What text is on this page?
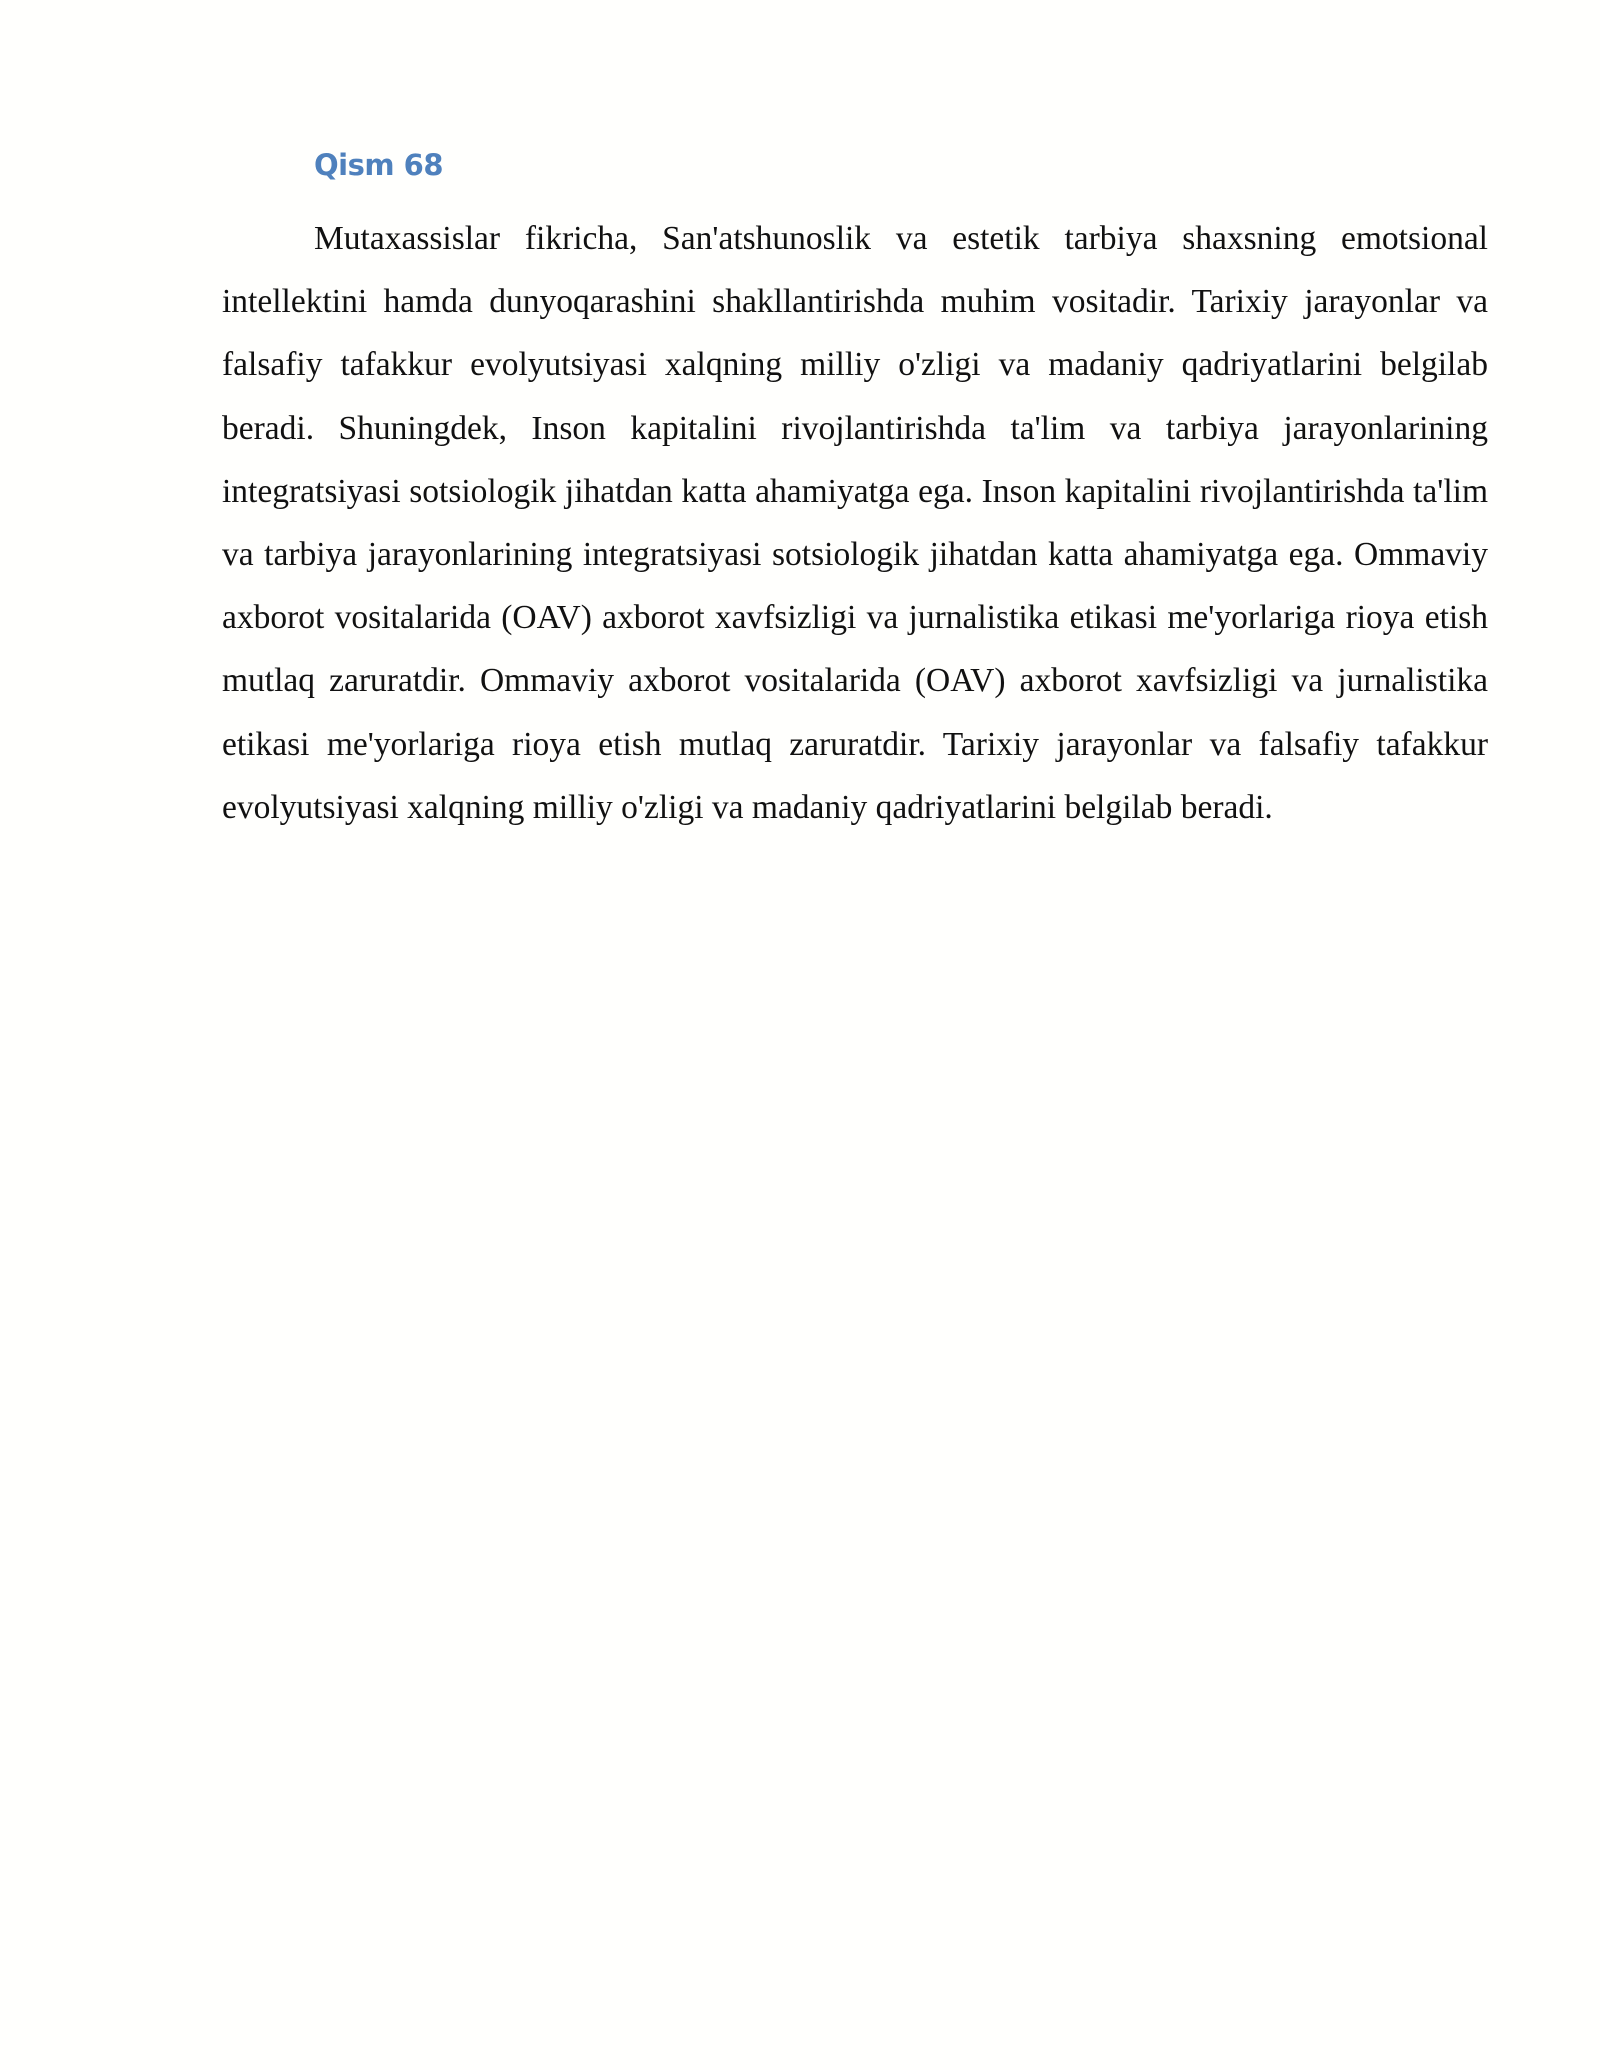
Qism 68

Mutaxassislar fikricha, San'atshunoslik va estetik tarbiya shaxsning emotsional intellektini hamda dunyoqarashini shakllantirishda muhim vositadir. Tarixiy jarayonlar va falsafiy tafakkur evolyutsiyasi xalqning milliy o'zligi va madaniy qadriyatlarini belgilab beradi. Shuningdek, Inson kapitalini rivojlantirishda ta'lim va tarbiya jarayonlarining integratsiyasi sotsiologik jihatdan katta ahamiyatga ega. Inson kapitalini rivojlantirishda ta'lim va tarbiya jarayonlarining integratsiyasi sotsiologik jihatdan katta ahamiyatga ega. Ommaviy axborot vositalarida (OAV) axborot xavfsizligi va jurnalistika etikasi me'yorlariga rioya etish mutlaq zaruratdir. Ommaviy axborot vositalarida (OAV) axborot xavfsizligi va jurnalistika etikasi me'yorlariga rioya etish mutlaq zaruratdir. Tarixiy jarayonlar va falsafiy tafakkur evolyutsiyasi xalqning milliy o'zligi va madaniy qadriyatlarini belgilab beradi.
